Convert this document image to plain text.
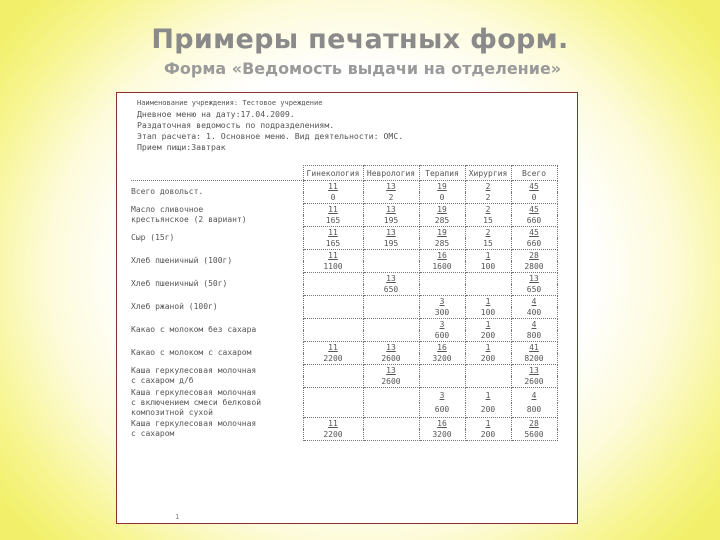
Примеры печатных форм.
Форма «Ведомость выдачи на отделение»
Наименование учреждения: Тестовое учреждение
Дневное меню на дату:17.04.2009.
Раздаточная ведомость по подразделениям.
Этап расчета: 1. Основное меню. Вид деятельности: ОМС.
Прием пищи:Завтрак
	Гинекология	Неврология	Терапия	Хирургия	Всего

Всего довольст.	11	13	19	2	45
	0	2	0	2	0

Масло сливочное
крестьянское (2 вариант)	11	13	19	2	45
	165	195	285	15	660

Сыр (15г)	11	13	19	2	45
	165	195	285	15	660

Хлеб пшеничный (100г)	11		16	1	28
	1100		1600	100	2800

Хлеб пшеничный (50г)		13			13
		650			650

Хлеб ржаной (100г)			3	1	4
			300	100	400

Какао с молоком без сахара			3	1	4
			600	200	800

Какао с молоком с сахаром	11	13	16	1	41
	2200	2600	3200	200	8200

Каша геркулесовая молочная
с сахаром д/б		13			13
		2600			2600

Каша геркулесовая молочная
с включением смеси белковой
композитной сухой			3	1	4
			600	200	800

Каша геркулесовая молочная
с сахаром	11		16	1	28
	2200		3200	200	5600
1
